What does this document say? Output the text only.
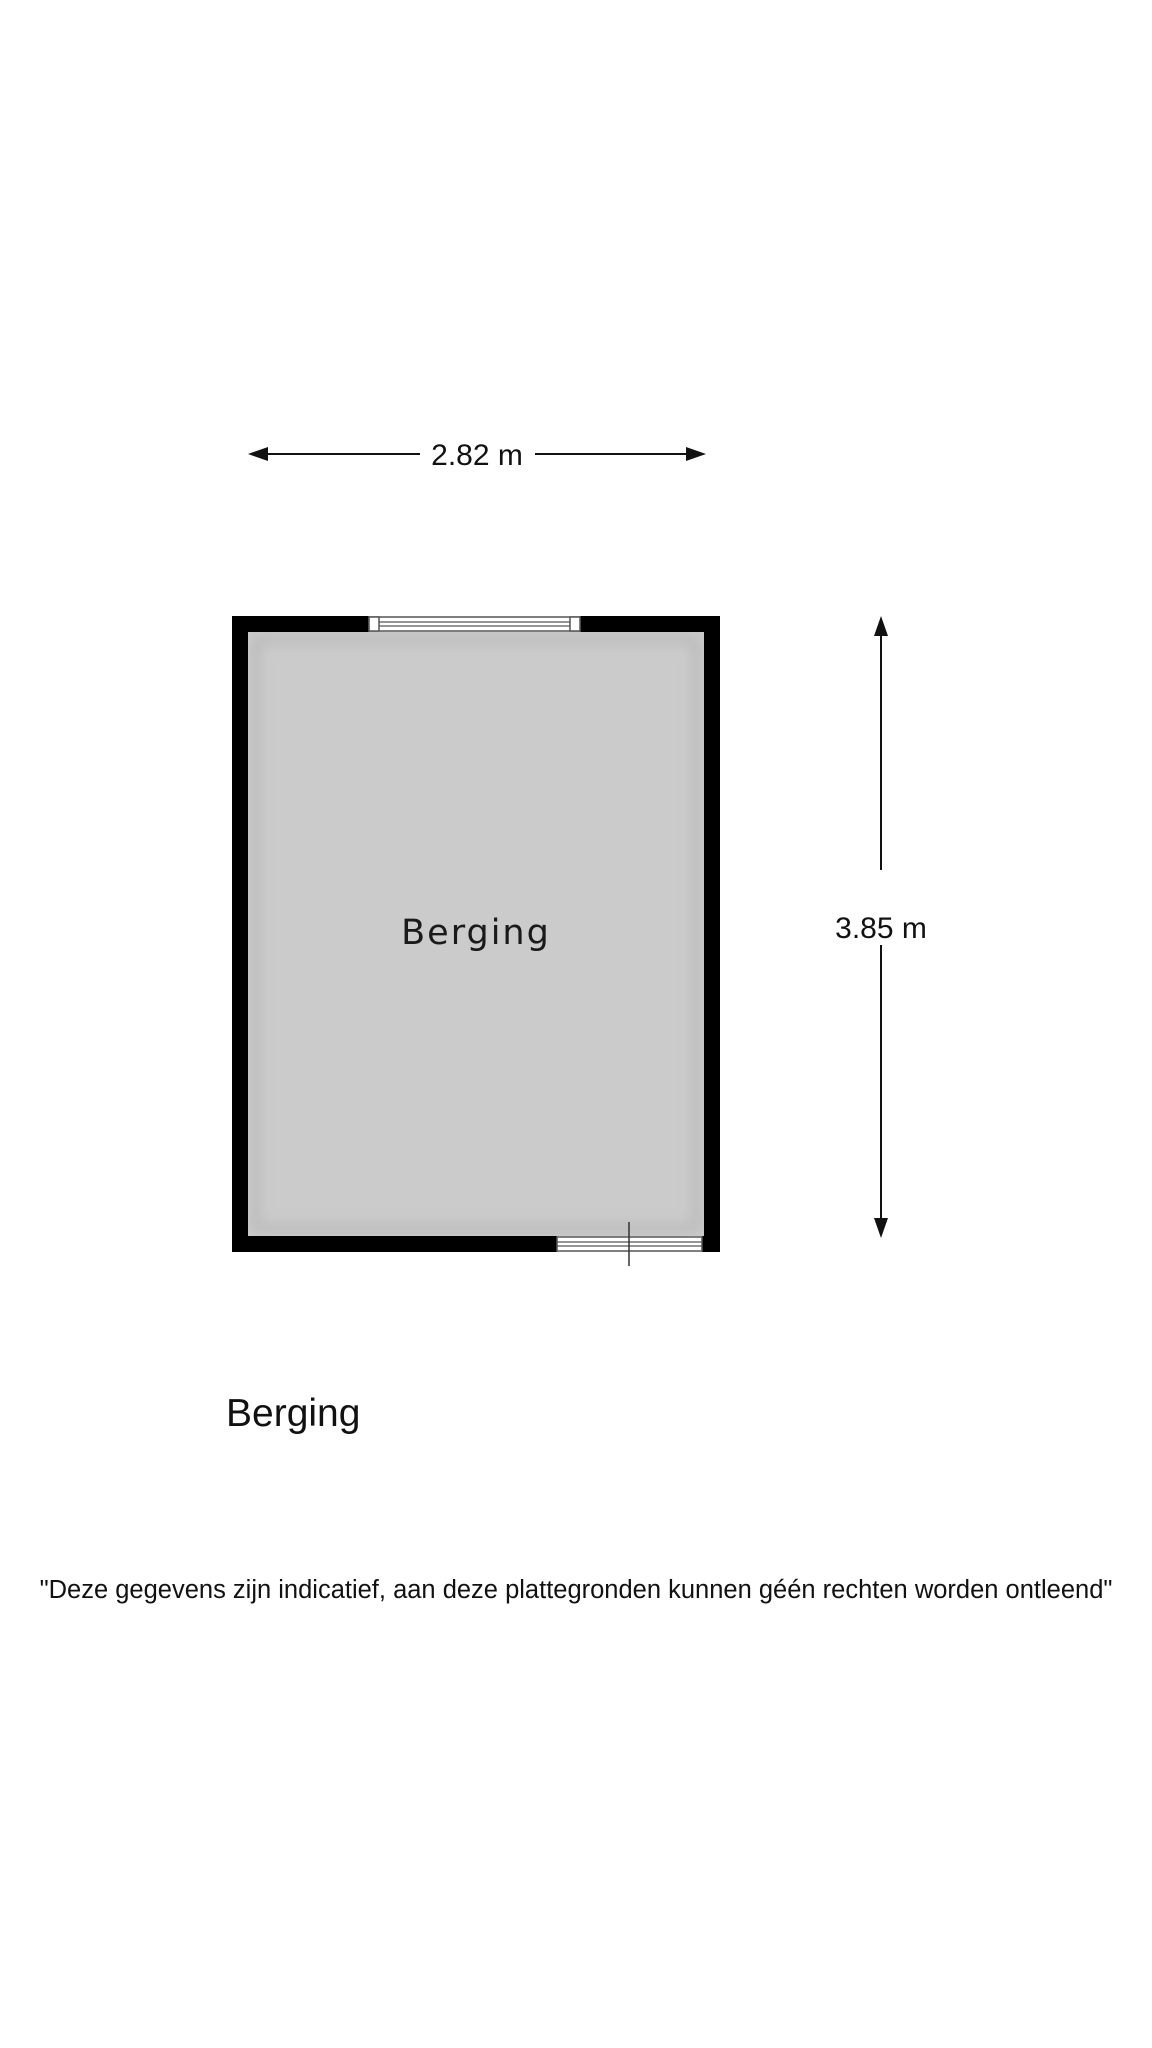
2.82 m
3.85 m
Berging
Berging
"Deze gegevens zijn indicatief, aan deze plattegronden kunnen géén rechten worden ontleend"
